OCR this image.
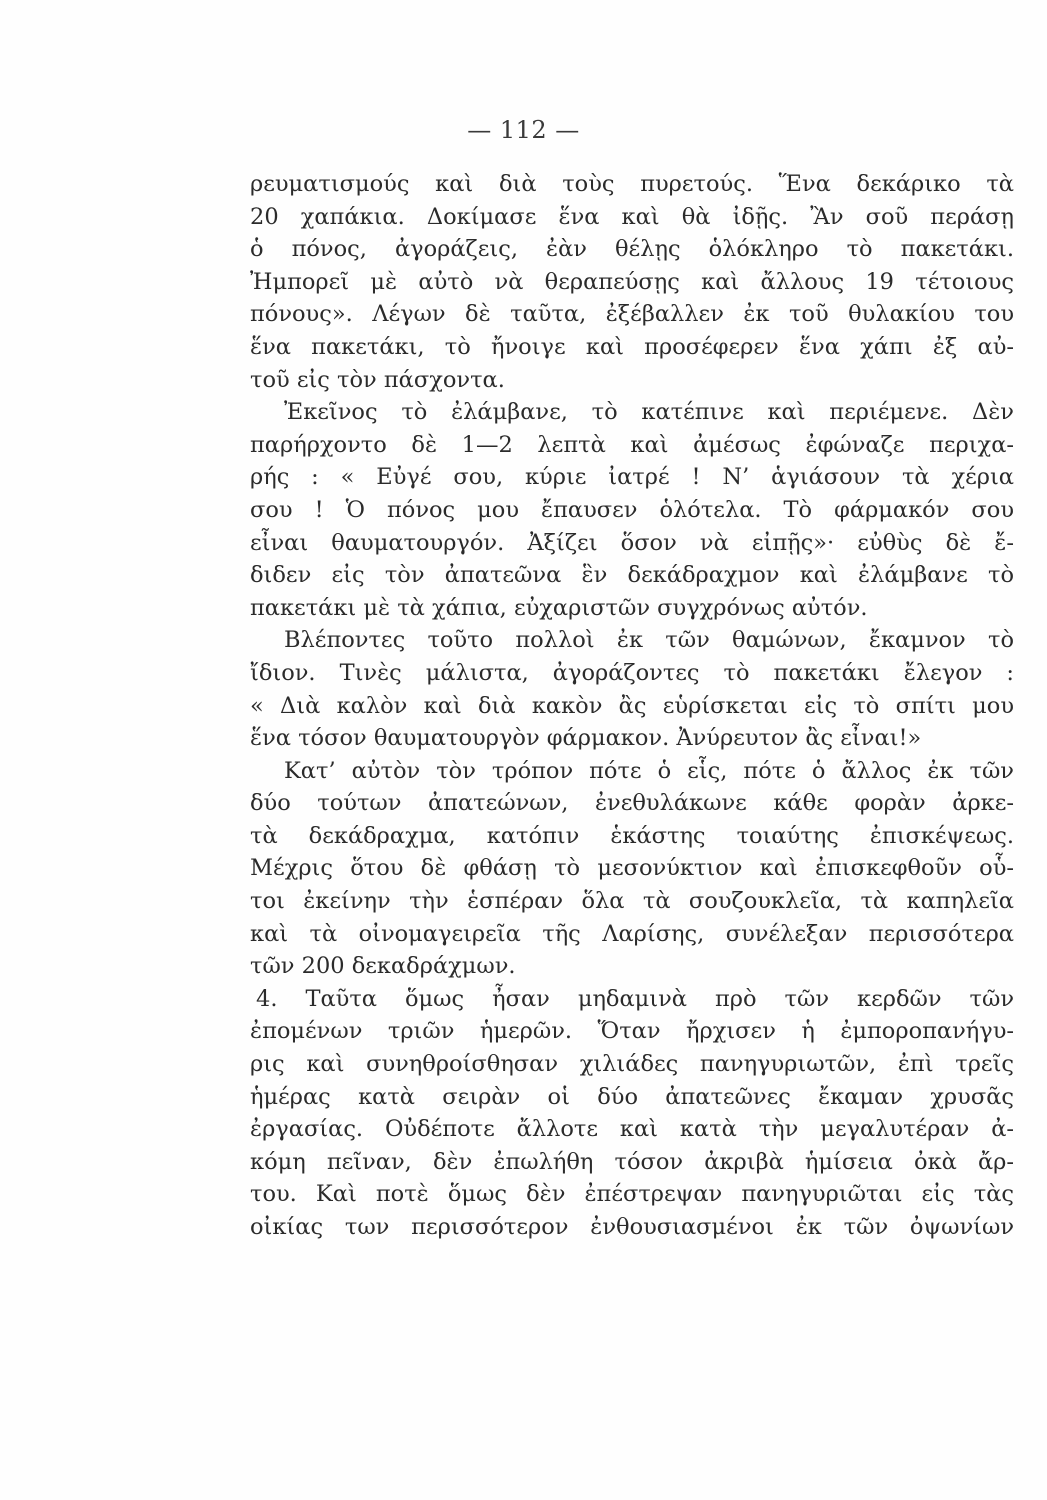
— 112 —
ρευματισμούς καὶ διὰ τοὺς πυρετούς. Ἕνα δεκάρικο τὰ
20 χαπάκια. Δοκίμασε ἕνα καὶ θὰ ἰδῇς. Ἂν σοῦ περάσῃ
ὁ πόνος, ἀγοράζεις, ἐὰν θέλῃς ὁλόκληρο τὸ πακετάκι.
Ἠμπορεῖ μὲ αὐτὸ νὰ θεραπεύσῃς καὶ ἄλλους 19 τέτοιους
πόνους». Λέγων δὲ ταῦτα, ἐξέβαλλεν ἐκ τοῦ θυλακίου του
ἕνα πακετάκι, τὸ ἤνοιγε καὶ προσέφερεν ἕνα χάπι ἐξ αὐ-
τοῦ εἰς τὸν πάσχοντα.
Ἐκεῖνος τὸ ἐλάμβανε, τὸ κατέπινε καὶ περιέμενε. Δὲν
παρήρχοντο δὲ 1—2 λεπτὰ καὶ ἀμέσως ἐφώναζε περιχα-
ρής : « Εὐγέ σου, κύριε ἰατρέ ! Ν’ ἁγιάσουν τὰ χέρια
σου ! Ὁ πόνος μου ἔπαυσεν ὁλότελα. Τὸ φάρμακόν σου
εἶναι θαυματουργόν. Ἀξίζει ὅσον νὰ εἰπῇς»· εὐθὺς δὲ ἔ-
διδεν εἰς τὸν ἀπατεῶνα ἓν δεκάδραχμον καὶ ἐλάμβανε τὸ
πακετάκι μὲ τὰ χάπια, εὐχαριστῶν συγχρόνως αὐτόν.
Βλέποντες τοῦτο πολλοὶ ἐκ τῶν θαμώνων, ἔκαμνον τὸ
ἴδιον. Τινὲς μάλιστα, ἀγοράζοντες τὸ πακετάκι ἔλεγον :
« Διὰ καλὸν καὶ διὰ κακὸν ἂς εὑρίσκεται εἰς τὸ σπίτι μου
ἕνα τόσον θαυματουργὸν φάρμακον. Ἀνύρευτον ἂς εἶναι!»
Κατ’ αὐτὸν τὸν τρόπον πότε ὁ εἷς, πότε ὁ ἄλλος ἐκ τῶν
δύο τούτων ἀπατεώνων, ἐνεθυλάκωνε κάθε φορὰν ἀρκε-
τὰ δεκάδραχμα, κατόπιν ἑκάστης τοιαύτης ἐπισκέψεως.
Μέχρις ὅτου δὲ φθάσῃ τὸ μεσονύκτιον καὶ ἐπισκεφθοῦν οὗ-
τοι ἐκείνην τὴν ἑσπέραν ὅλα τὰ σουζουκλεῖα, τὰ καπηλεῖα
καὶ τὰ οἰνομαγειρεῖα τῆς Λαρίσης, συνέλεξαν περισσότερα
τῶν 200 δεκαδράχμων.
4. Ταῦτα ὅμως ἦσαν μηδαμινὰ πρὸ τῶν κερδῶν τῶν
ἐπομένων τριῶν ἡμερῶν. Ὅταν ἤρχισεν ἡ ἐμποροπανήγυ-
ρις καὶ συνηθροίσθησαν χιλιάδες πανηγυριωτῶν, ἐπὶ τρεῖς
ἡμέρας κατὰ σειρὰν οἱ δύο ἀπατεῶνες ἔκαμαν χρυσᾶς
ἐργασίας. Οὐδέποτε ἄλλοτε καὶ κατὰ τὴν μεγαλυτέραν ἀ-
κόμη πεῖναν, δὲν ἐπωλήθη τόσον ἀκριβὰ ἡμίσεια ὀκὰ ἄρ-
του. Καὶ ποτὲ ὅμως δὲν ἐπέστρεψαν πανηγυριῶται εἰς τὰς
οἰκίας των περισσότερον ἐνθουσιασμένοι ἐκ τῶν ὀψωνίων
